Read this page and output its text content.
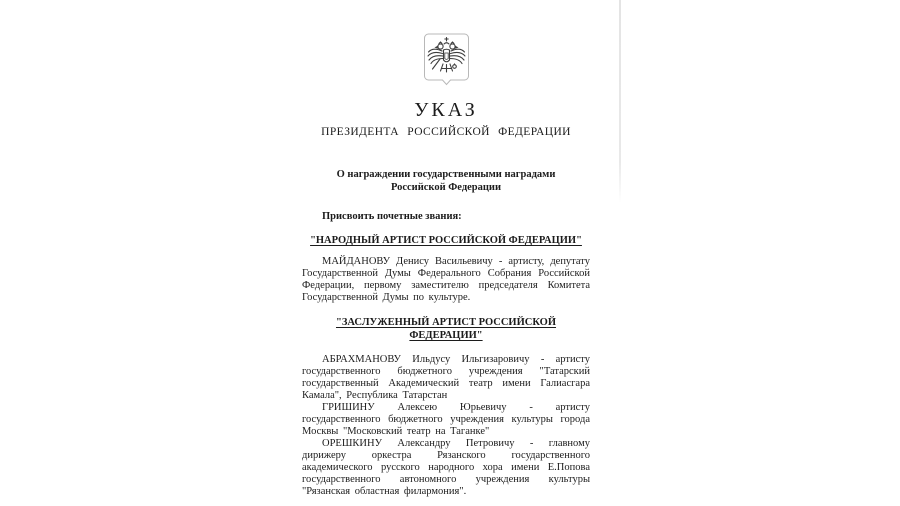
УКАЗ
ПРЕЗИДЕНТА РОССИЙСКОЙ ФЕДЕРАЦИИ
О награждении государственными наградами
Российской Федерации

Присвоить почетные звания:

"НАРОДНЫЙ АРТИСТ РОССИЙСКОЙ ФЕДЕРАЦИИ"

МАЙДАНОВУ Денису Васильевичу - артисту, депутату Государственной Думы Федерального Собрания Российской Федерации, первому заместителю председателя Комитета Государственной Думы по культуре.

"ЗАСЛУЖЕННЫЙ АРТИСТ РОССИЙСКОЙ ФЕДЕРАЦИИ"

АБРАХМАНОВУ Ильдусу Ильгизаровичу - артисту государственного бюджетного учреждения "Татарский государственный Академический театр имени Галиасгара Камала", Республика Татарстан

ГРИШИНУ Алексею Юрьевичу - артисту государственного бюджетного учреждения культуры города Москвы "Московский театр на Таганке"

ОРЕШКИНУ Александру Петровичу - главному дирижеру оркестра Рязанского государственного академического русского народного хора имени Е.Попова государственного автономного учреждения культуры "Рязанская областная филармония".
